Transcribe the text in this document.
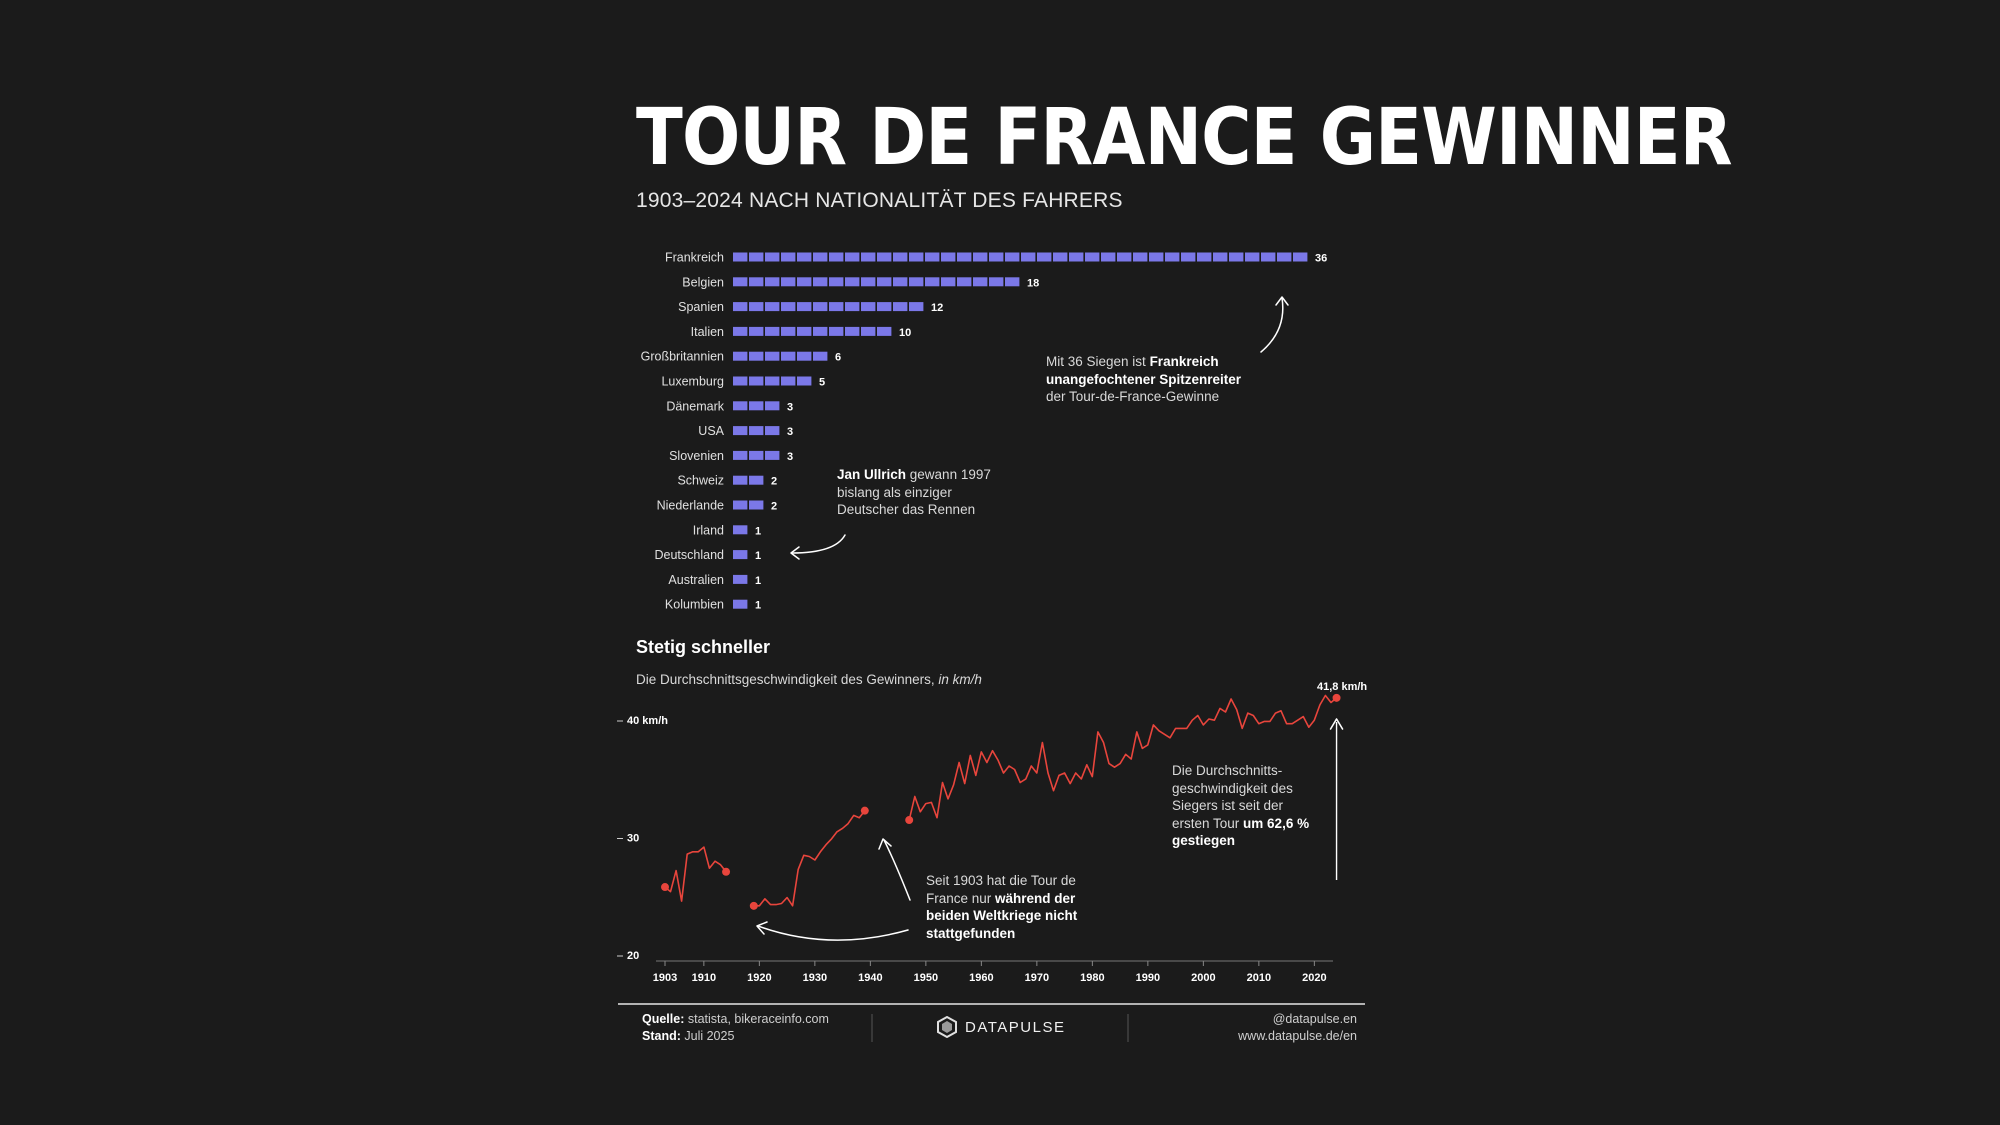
Frankreich	36
Belgien	18
Spanien	12
Italien	10
Großbritannien	6
Luxemburg	5
Dänemark	3
USA	3
Slovenien	3
Schweiz	2
Niederlande	2
Irland	1
Deutschland	1
Australien	1
Kolumbien	1
40 km/h
30
20
1903 1910	1920	1930	1940	1950	1960	1970	1980	1990	2000	2010	2020
41,8 km/h
TOUR DE FRANCE GEWINNER
1903–2024 NACH NATIONALITÄT DES FAHRERS
Mit 36 Siegen ist Frankreich
unangefochtener Spitzenreiter
der Tour-de-France-Gewinne
Jan Ullrich gewann 1997
bislang als einziger
Deutscher das Rennen
Stetig schneller
Die Durchschnittsgeschwindigkeit des Gewinners, in km/h
Seit 1903 hat die Tour de
France nur während der
beiden Weltkriege nicht
stattgefunden
Die Durchschnitts-
geschwindigkeit des
Siegers ist seit der
ersten Tour um 62,6 %
gestiegen
Quelle: statista, bikeraceinfo.com
Stand: Juli 2025	DATAPULSE	@datapulse.en
www.datapulse.de/en
